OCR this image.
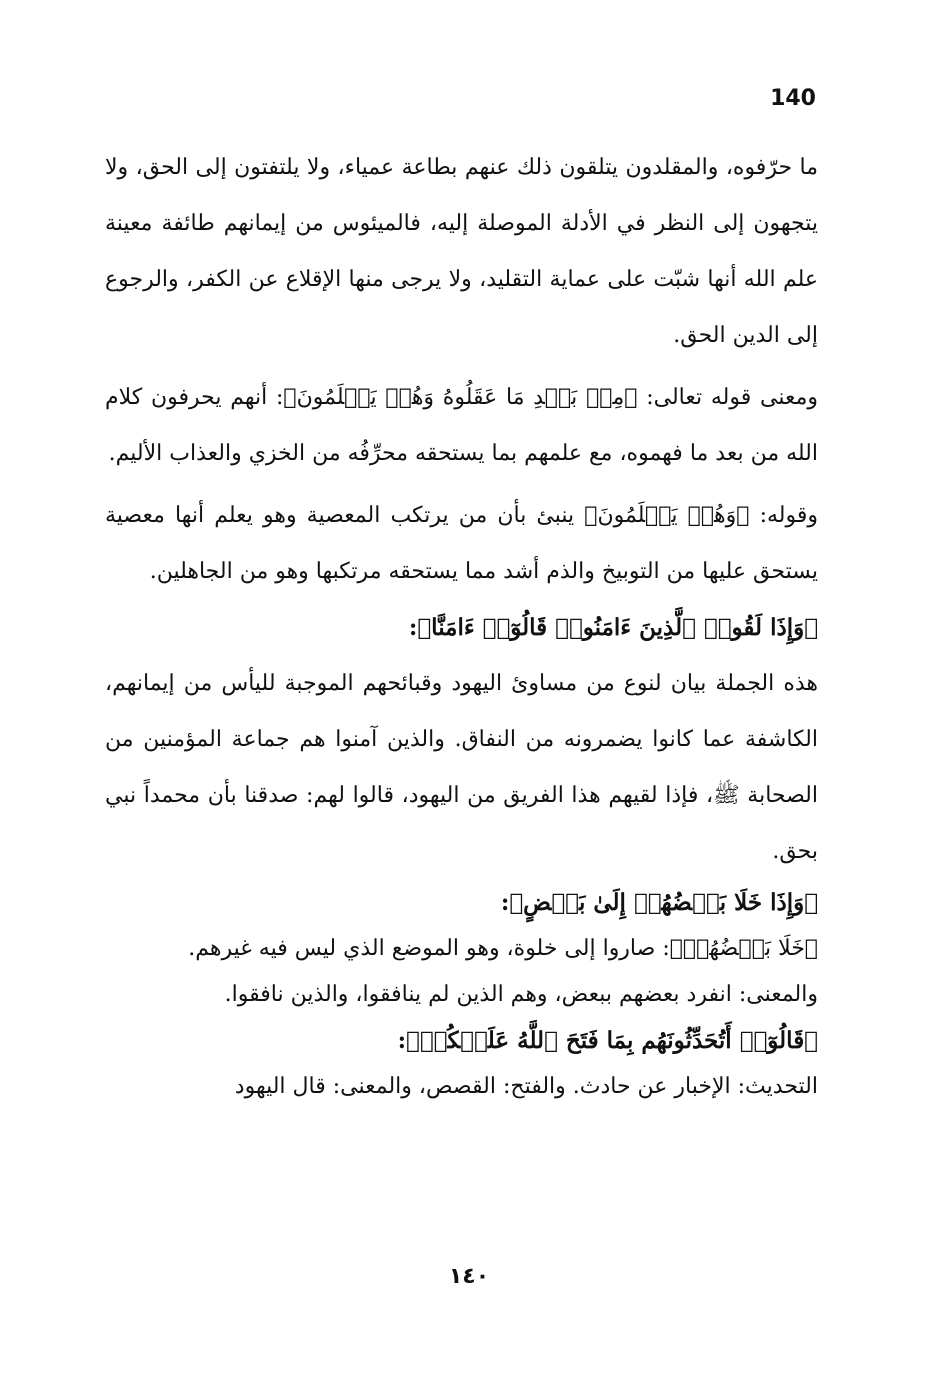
140

ما حرّفوه، والمقلدون يتلقون ذلك عنهم بطاعة عمياء، ولا يلتفتون إلى الحق، ولا يتجهون إلى النظر في الأدلة الموصلة إليه، فالميئوس من إيمانهم طائفة معينة علم الله أنها شبّت على عماية التقليد، ولا يرجى منها الإقلاع عن الكفر، والرجوع إلى الدين الحق.

ومعنى قوله تعالى: ﴿مِنۢ بَعۡدِ مَا عَقَلُوهُ وَهُمۡ يَعۡلَمُونَ﴾: أنهم يحرفون كلام الله من بعد ما فهموه، مع علمهم بما يستحقه محرِّفُه من الخزي والعذاب الأليم.

وقوله: ﴿وَهُمۡ يَعۡلَمُونَ﴾ ينبئ بأن من يرتكب المعصية وهو يعلم أنها معصية يستحق عليها من التوبيخ والذم أشد مما يستحقه مرتكبها وهو من الجاهلين.

﴿وَإِذَا لَقُوا۟ ٱلَّذِينَ ءَامَنُوا۟ قَالُوٓا۟ ءَامَنَّا﴾:

هذه الجملة بيان لنوع من مساوئ اليهود وقبائحهم الموجبة لليأس من إيمانهم، الكاشفة عما كانوا يضمرونه من النفاق. والذين آمنوا هم جماعة المؤمنين من الصحابة ﷺ، فإذا لقيهم هذا الفريق من اليهود، قالوا لهم: صدقنا بأن محمداً نبي بحق.

﴿وَإِذَا خَلَا بَعۡضُهُمۡ إِلَىٰ بَعۡضٍ﴾:

﴿خَلَا بَعۡضُهُمۡ﴾: صاروا إلى خلوة، وهو الموضع الذي ليس فيه غيرهم.

والمعنى: انفرد بعضهم ببعض، وهم الذين لم ينافقوا، والذين نافقوا.

﴿قَالُوٓا۟ أَتُحَدِّثُونَهُم بِمَا فَتَحَ ٱللَّهُ عَلَيۡكُمۡ﴾:

التحديث: الإخبار عن حادث. والفتح: القصص، والمعنى: قال اليهود

١٤٠
